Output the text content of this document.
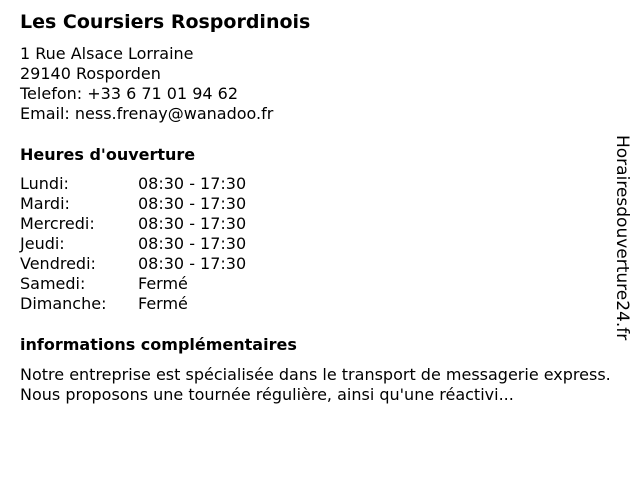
Les Coursiers Rospordinois
1 Rue Alsace Lorraine
29140 Rosporden
Telefon: +33 6 71 01 94 62
Email: ness.frenay@wanadoo.fr
Heures d'ouverture
Lundi:	08:30 - 17:30
Mardi:	08:30 - 17:30
Mercredi:	08:30 - 17:30
Jeudi:	08:30 - 17:30
Vendredi:	08:30 - 17:30
Samedi:	Fermé
Dimanche: Fermé
informations complémentaires
Notre entreprise est spécialisée dans le transport de messagerie express. Nous proposons une tournée régulière, ainsi qu'une réactivi...
Horairesdouverture24.fr
